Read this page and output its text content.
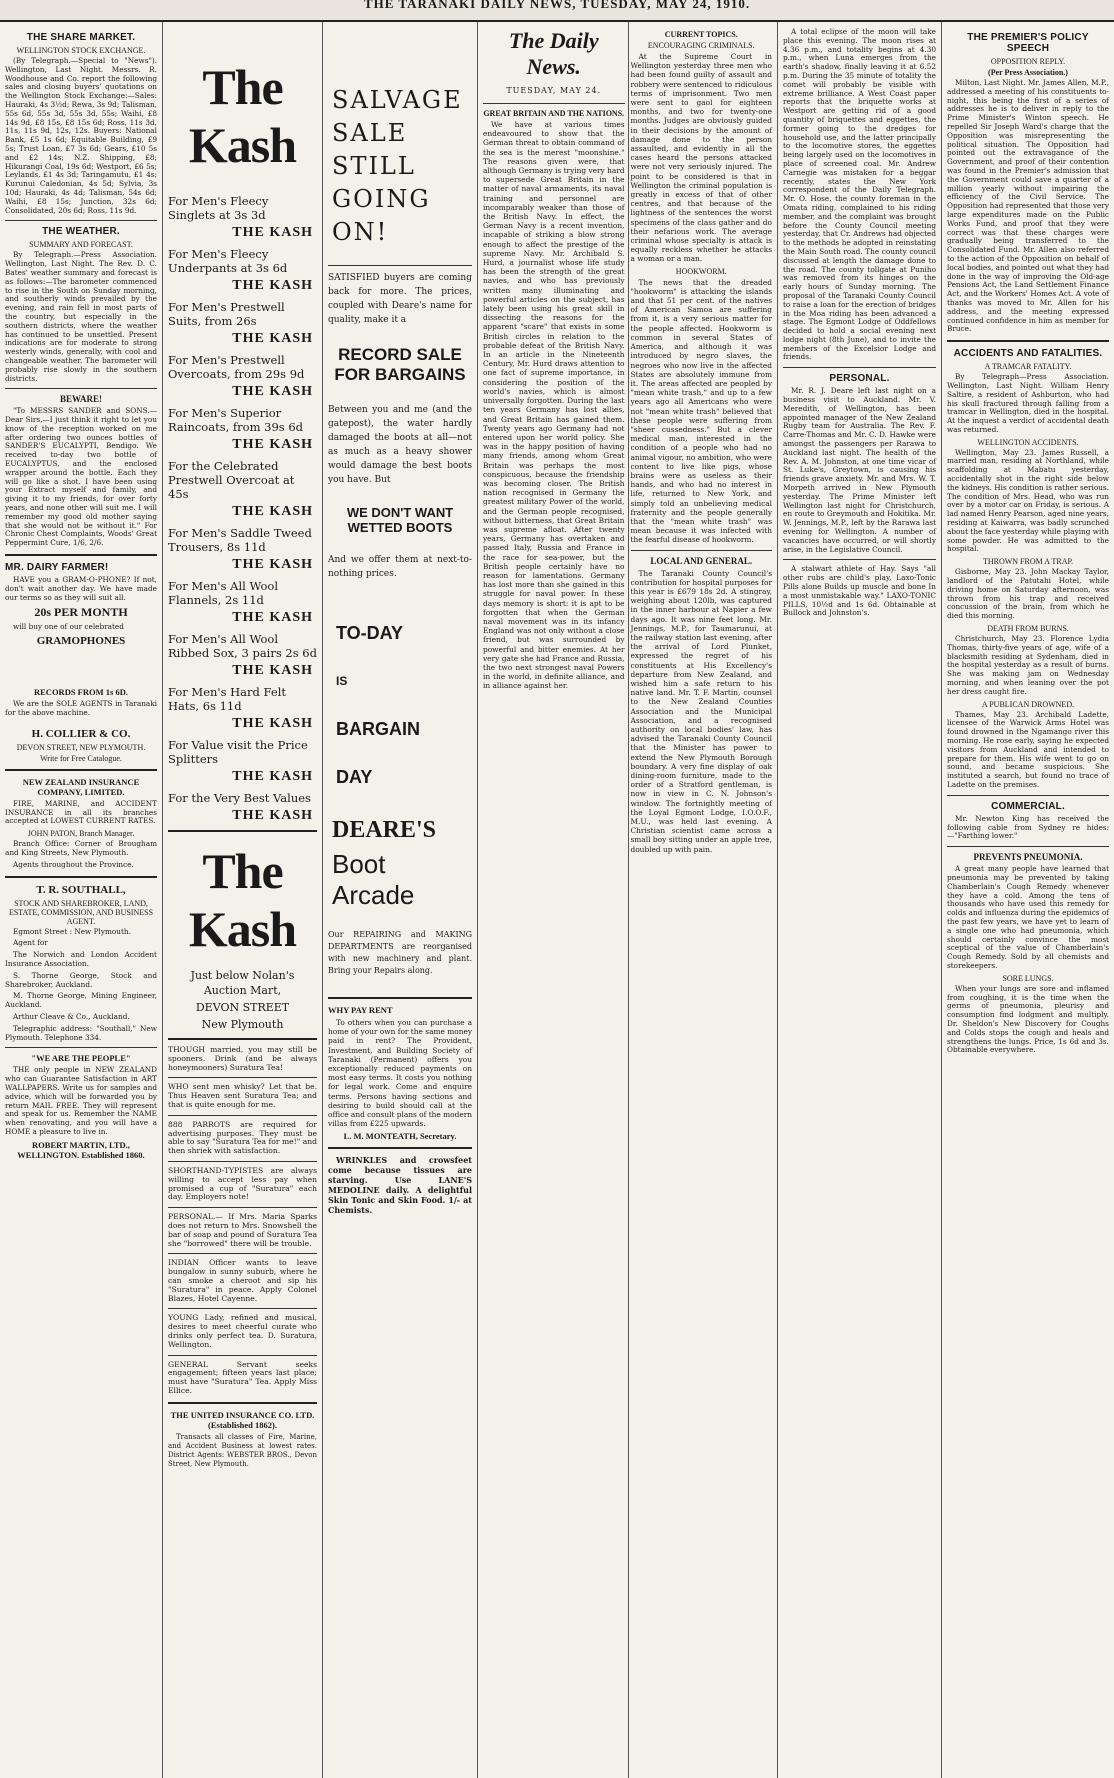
THE TARANAKI DAILY NEWS, TUESDAY, MAY 24, 1910.
THE SHARE MARKET.
WELLINGTON STOCK EXCHANGE.

(By Telegraph.—Special to "News"). Wellington, Last Night. Messrs. R. Woodhouse and Co. report the following sales and closing buyers' quotations on the Wellington Stock Exchange:—Sales: Hauraki, 4s 3½d; Rewa, 3s 9d; Talisman, 55s 6d, 55s 3d, 55s 3d, 55s; Waihi, £8 14s 9d, £8 15s, £8 15s 6d; Ross, 11s 3d, 11s, 11s 9d, 12s, 12s. Buyers: National Bank, £5 1s 6d; Equitable Building, £9 5s; Trust Loan, £7 3s 6d; Gears, £10 5s and £2 14s; N.Z. Shipping, £8; Hikurangi Coal, 19s 6d; Westport, £6 5s; Leylands, £1 4s 3d; Taringamutu, £1 4s; Kurunui Caledonian, 4s 5d; Sylvia, 3s 10d; Hauraki, 4s 4d; Talisman, 54s 6d; Waihi, £8 15s; Junction, 32s 6d; Consolidated, 20s 6d; Ross, 11s 9d.

THE WEATHER.
SUMMARY AND FORECAST.

By Telegraph.—Press Association. Wellington, Last Night. The Rev. D. C. Bates' weather summary and forecast is as follows:—The barometer commenced to rise in the South on Sunday morning, and southerly winds prevailed by the evening, and rain fell in most parts of the country, but especially in the southern districts, where the weather has continued to be unsettled. Present indications are for moderate to strong westerly winds, generally, with cool and changeable weather. The barometer will probably rise slowly in the southern districts.

BEWARE!

"To MESSRS SANDER and SONS.—Dear Sirs,—I just think it right to let you know of the reception worked on me after ordering two ounces bottles of SANDER'S EUCALYPTI, Bendigo. We received to-day two bottle of EUCALYPTUS, and the enclosed wrapper around the bottle. Each they will go like a shot. I have been using your Extract myself and family, and giving it to my friends, for over forty years, and none other will suit me. I will remember my good old mother saying that she would not be without it." For Chronic Chest Complaints, Woods' Great Peppermint Cure, 1/6, 2/6.

MR. DAIRY FARMER!

HAVE you a GRAM-O-PHONE? If not, don't wait another day. We have made our terms so as they will suit all.

20s PER MONTH

will buy one of our celebrated

GRAMOPHONES
RECORDS FROM 1s 6D.

We are the SOLE AGENTS in Taranaki for the above machine.

H. COLLIER & CO.
DEVON STREET, NEW PLYMOUTH.
Write for Free Catalogue.
NEW ZEALAND INSURANCE COMPANY, LIMITED.

FIRE, MARINE, and ACCIDENT INSURANCE in all its branches accepted at LOWEST CURRENT RATES.

JOHN PATON, Branch Manager.

Branch Office: Corner of Brougham and King Streets, New Plymouth.

Agents throughout the Province.

T. R. SOUTHALL,
STOCK AND SHAREBROKER, LAND, ESTATE, COMMISSION, AND BUSINESS AGENT.

Egmont Street : New Plymouth.

Agent for

The Norwich and London Accident Insurance Association.

S. Thorne George, Stock and Sharebroker, Auckland.

M. Thorne George, Mining Engineer, Auckland.

Arthur Cleave & Co., Auckland.

Telegraphic address: "Southall," New Plymouth. Telephone 334.

"WE ARE THE PEOPLE"

THE only people in NEW ZEALAND who can Guarantee Satisfaction in ART WALLPAPERS. Write us for samples and advice, which will be forwarded you by return MAIL FREE. They will represent and speak for us. Remember the NAME when renovating, and you will have a HOME a pleasure to live in.

ROBERT MARTIN, LTD., WELLINGTON. Established 1860.
The Kash
For Men's Fleecy Singlets at 3s 3d
THE KASH
For Men's Fleecy Underpants at 3s 6d
THE KASH
For Men's Prestwell Suits, from 26s
THE KASH
For Men's Prestwell Overcoats, from 29s 9d
THE KASH
For Men's Superior Raincoats, from 39s 6d
THE KASH
For the Celebrated Prestwell Overcoat at 45s
THE KASH
For Men's Saddle Tweed Trousers, 8s 11d
THE KASH
For Men's All Wool Flannels, 2s 11d
THE KASH
For Men's All Wool Ribbed Sox, 3 pairs 2s 6d
THE KASH
For Men's Hard Felt Hats, 6s 11d
THE KASH
For Value visit the Price Splitters
THE KASH
For the Very Best Values
THE KASH
The Kash
Just below Nolan's Auction Mart,
DEVON STREET
New Plymouth

THOUGH married, you may still be spooners. Drink (and be always honeymooners) Suratura Tea!

WHO sent men whisky? Let that be. Thus Heaven sent Suratura Tea; and that is quite enough for me.

888 PARROTS are required for advertising purposes. They must be able to say "Suratura Tea for me!" and then shriek with satisfaction.

SHORTHAND-TYPISTES are always willing to accept less pay when promised a cup of "Suratura" each day. Employers note!

PERSONAL.— If Mrs. Maria Sparks does not return to Mrs. Snowshell the bar of soap and pound of Suratura Tea she "borrowed" there will be trouble.

INDIAN Officer wants to leave bungalow in sunny suburb, where he can smoke a cheroot and sip his "Suratura" in peace. Apply Colonel Blazes, Hotel Cayenne.

YOUNG Lady, refined and musical, desires to meet cheerful curate who drinks only perfect tea. D. Suratura, Wellington.

GENERAL Servant seeks engagement; fifteen years last place; must have "Suratura" Tea. Apply Miss Ellice.

THE UNITED INSURANCE CO. LTD. (Established 1862).

Transacts all classes of Fire, Marine, and Accident Business at lowest rates. District Agents: WEBSTER BROS., Devon Street, New Plymouth.

SALVAGE
SALE
STILL
GOING ON!
SATISFIED buyers are coming back for more. The prices, coupled with Deare's name for quality, make it a
RECORD SALE FOR BARGAINS
Between you and me (and the gatepost), the water hardly damaged the boots at all—not as much as a heavy shower would damage the best boots you have. But
WE DON'T WANT WETTED BOOTS
And we offer them at next-to-nothing prices.
TO-DAY
IS
BARGAIN
DAY
DEARE'S
Boot Arcade
Our REPAIRING and MAKING DEPARTMENTS are reorganised with new machinery and plant. Bring your Repairs along.
WHY PAY RENT

To others when you can purchase a home of your own for the same money paid in rent? The Provident, Investment, and Building Society of Taranaki (Permanent) offers you exceptionally reduced payments on most easy terms. It costs you nothing for legal work. Come and enquire terms. Persons having sections and desiring to build should call at the office and consult plans of the modern villas from £225 upwards.

L. M. MONTEATH, Secretary.

WRINKLES and crowsfeet come because tissues are starving. Use LANE'S MEDOLINE daily. A delightful Skin Tonic and Skin Food. 1/- at Chemists.

The Daily News.
TUESDAY, MAY 24.
GREAT BRITAIN AND THE NATIONS.

We have at various times endeavoured to show that the German threat to obtain command of the sea is the merest "moonshine." The reasons given were, that although Germany is trying very hard to supersede Great Britain in the matter of naval armaments, its naval training and personnel are incomparably weaker than those of the British Navy. In effect, the German Navy is a recent invention, incapable of striking a blow strong enough to affect the prestige of the supreme Navy. Mr. Archibald S. Hurd, a journalist whose life study has been the strength of the great navies, and who has previously written many illuminating and powerful articles on the subject, has lately been using his great skill in dissecting the reasons for the apparent "scare" that exists in some British circles in relation to the probable defeat of the British Navy. In an article in the Nineteenth Century, Mr. Hurd draws attention to one fact of supreme importance, in considering the position of the world's navies, which is almost universally forgotten. During the last ten years Germany has lost allies, and Great Britain has gained them. Twenty years ago Germany had not entered upon her world policy. She was in the happy position of having many friends, among whom Great Britain was perhaps the most conspicuous, because the friendship was becoming closer. The British nation recognised in Germany the greatest military Power of the world, and the German people recognised, without bitterness, that Great Britain was supreme afloat. After twenty years, Germany has overtaken and passed Italy, Russia and France in the race for sea-power, but the British people certainly have no reason for lamentations. Germany has lost more than she gained in this struggle for naval power. In these days memory is short: it is apt to be forgotten that when the German naval movement was in its infancy England was not only without a close friend, but was surrounded by powerful and bitter enemies. At her very gate she had France and Russia, the two next strongest naval Powers in the world, in definite alliance, and in alliance against her.

CURRENT TOPICS.
ENCOURAGING CRIMINALS.

At the Supreme Court in Wellington yesterday three men who had been found guilty of assault and robbery were sentenced to ridiculous terms of imprisonment. Two men were sent to gaol for eighteen months, and two for twenty-one months. Judges are obviously guided in their decisions by the amount of damage done to the person assaulted, and evidently in all the cases heard the persons attacked were not very seriously injured. The point to be considered is that in Wellington the criminal population is greatly in excess of that of other centres, and that because of the lightness of the sentences the worst specimens of the class gather and do their nefarious work. The average criminal whose specialty is attack is equally reckless whether he attacks a woman or a man.

HOOKWORM.

The news that the dreaded "hookworm" is attacking the islands and that 51 per cent. of the natives of American Samoa are suffering from it, is a very serious matter for the people affected. Hookworm is common in several States of America, and although it was introduced by negro slaves, the negroes who now live in the affected States are absolutely immune from it. The areas affected are peopled by "mean white trash," and up to a few years ago all Americans who were not "mean white trash" believed that these people were suffering from "sheer cussedness." But a clever medical man, interested in the condition of a people who had no animal vigour, no ambition, who were content to live like pigs, whose brains were as useless as their hands, and who had no interest in life, returned to New York, and simply told an unbelieving medical fraternity and the people generally that the "mean white trash" was mean because it was infected with the fearful disease of hookworm.

LOCAL AND GENERAL.

The Taranaki County Council's contribution for hospital purposes for this year is £679 18s 2d. A stingray, weighing about 120lb, was captured in the inner harbour at Napier a few days ago. It was nine feet long. Mr. Jennings, M.P., for Taumarunui, at the railway station last evening, after the arrival of Lord Plunket, expressed the regret of his constituents at His Excellency's departure from New Zealand, and wished him a safe return to his native land. Mr. T. F. Martin, counsel to the New Zealand Counties Association and the Municipal Association, and a recognised authority on local bodies' law, has advised the Taranaki County Council that the Minister has power to extend the New Plymouth Borough boundary. A very fine display of oak dining-room furniture, made to the order of a Stratford gentleman, is now in view in C. N. Johnson's window. The fortnightly meeting of the Loyal Egmont Lodge, I.O.O.F., M.U., was held last evening. A Christian scientist came across a small boy sitting under an apple tree, doubled up with pain.

A total eclipse of the moon will take place this evening. The moon rises at 4.36 p.m., and totality begins at 4.30 p.m., when Luna emerges from the earth's shadow, finally leaving it at 6.52 p.m. During the 35 minute of totality the comet will probably be visible with extreme brilliance. A West Coast paper reports that the briquette works at Westport are getting rid of a good quantity of briquettes and eggettes, the former going to the dredges for household use, and the latter principally to the locomotive stores, the eggettes being largely used on the locomotives in place of screened coal. Mr. Andrew Carnegie was mistaken for a beggar recently, states the New York correspondent of the Daily Telegraph. Mr. O. Hose, the county foreman in the Omata riding, complained to his riding member, and the complaint was brought before the County Council meeting yesterday, that Cr. Andrews had objected to the methods he adopted in reinstating the Main South road. The county council discussed at length the damage done to the road. The county tollgate at Puniho was removed from its hinges on the early hours of Sunday morning. The proposal of the Taranaki County Council to raise a loan for the erection of bridges in the Moa riding has been advanced a stage. The Egmont Lodge of Oddfellows decided to hold a social evening next lodge night (8th June), and to invite the members of the Excelsior Lodge and friends.

PERSONAL.

Mr. R. J. Deare left last night on a business visit to Auckland. Mr. V. Meredith, of Wellington, has been appointed manager of the New Zealand Rugby team for Australia. The Rev. F. Carre-Thomas and Mr. C. D. Hawke were amongst the passengers per Rarawa to Auckland last night. The health of the Rev. A. M. Johnston, at one time vicar of St. Luke's, Greytown, is causing his friends grave anxiety. Mr. and Mrs. W. T. Morpeth arrived in New Plymouth yesterday. The Prime Minister left Wellington last night for Christchurch, en route to Greymouth and Hokitika. Mr. W. Jennings, M.P., left by the Rarawa last evening for Wellington. A number of vacancies have occurred, or will shortly arise, in the Legislative Council.

A stalwart athlete of Hay. Says "all other rubs are child's play, Laxo-Tonic Pills alone Builds up muscle and bone In a most unmistakable way." LAXO-TONIC PILLS, 10½d and 1s 6d. Obtainable at Bullock and Johnston's.

THE PREMIER'S POLICY SPEECH
OPPOSITION REPLY.
(Per Press Association.)

Milton, Last Night. Mr. James Allen, M.P., addressed a meeting of his constituents to-night, this being the first of a series of addresses he is to deliver in reply to the Prime Minister's Winton speech. He repelled Sir Joseph Ward's charge that the Opposition was misrepresenting the political situation. The Opposition had pointed out the extravagance of the Government, and proof of their contention was found in the Premier's admission that the Government could save a quarter of a million yearly without impairing the efficiency of the Civil Service. The Opposition had represented that those very large expenditures made on the Public Works Fund, and proof that they were correct was that these charges were gradually being transferred to the Consolidated Fund. Mr. Allen also referred to the action of the Opposition on behalf of local bodies, and pointed out what they had done in the way of improving the Old-age Pensions Act, the Land Settlement Finance Act, and the Workers' Homes Act. A vote of thanks was moved to Mr. Allen for his address, and the meeting expressed continued confidence in him as member for Bruce.

ACCIDENTS AND FATALITIES.
A TRAMCAR FATALITY.

By Telegraph—Press Association. Wellington, Last Night. William Henry Saltire, a resident of Ashburton, who had his skull fractured through falling from a tramcar in Wellington, died in the hospital. At the inquest a verdict of accidental death was returned.

WELLINGTON ACCIDENTS.

Wellington, May 23. James Russell, a married man, residing at Northland, while scaffolding at Mabatu yesterday, accidentally shot in the right side below the kidneys. His condition is rather serious. The condition of Mrs. Head, who was run over by a motor car on Friday, is serious. A lad named Henry Pearson, aged nine years, residing at Kaiwarra, was badly scrunched about the face yesterday while playing with some powder. He was admitted to the hospital.

THROWN FROM A TRAP.

Gisborne, May 23. John Mackay Taylor, landlord of the Patutahi Hotel, while driving home on Saturday afternoon, was thrown from his trap and received concussion of the brain, from which he died this morning.

DEATH FROM BURNS.

Christchurch, May 23. Florence Lydia Thomas, thirty-five years of age, wife of a blacksmith residing at Sydenham, died in the hospital yesterday as a result of burns. She was making jam on Wednesday morning, and when leaning over the pot her dress caught fire.

A PUBLICAN DROWNED.

Thames, May 23. Archibald Ladette, licensee of the Warwick Arms Hotel was found drowned in the Ngamango river this morning. He rose early, saying he expected visitors from Auckland and intended to prepare for them. His wife went to go on sound, and became suspicious. She instituted a search, but found no trace of Ladette on the premises.

COMMERCIAL.

Mr. Newton King has received the following cable from Sydney re hides:—"Farthing lower."

PREVENTS PNEUMONIA.

A great many people have learned that pneumonia may be prevented by taking Chamberlain's Cough Remedy whenever they have a cold. Among the tens of thousands who have used this remedy for colds and influenza during the epidemics of the past few years, we have yet to learn of a single one who had pneumonia, which should certainly convince the most sceptical of the value of Chamberlain's Cough Remedy. Sold by all chemists and storekeepers.

SORE LUNGS.

When your lungs are sore and inflamed from coughing, it is the time when the germs of pneumonia, pleurisy and consumption find lodgment and multiply. Dr. Sheldon's New Discovery for Coughs and Colds stops the cough and heals and strengthens the lungs. Price, 1s 6d and 3s. Obtainable everywhere.
